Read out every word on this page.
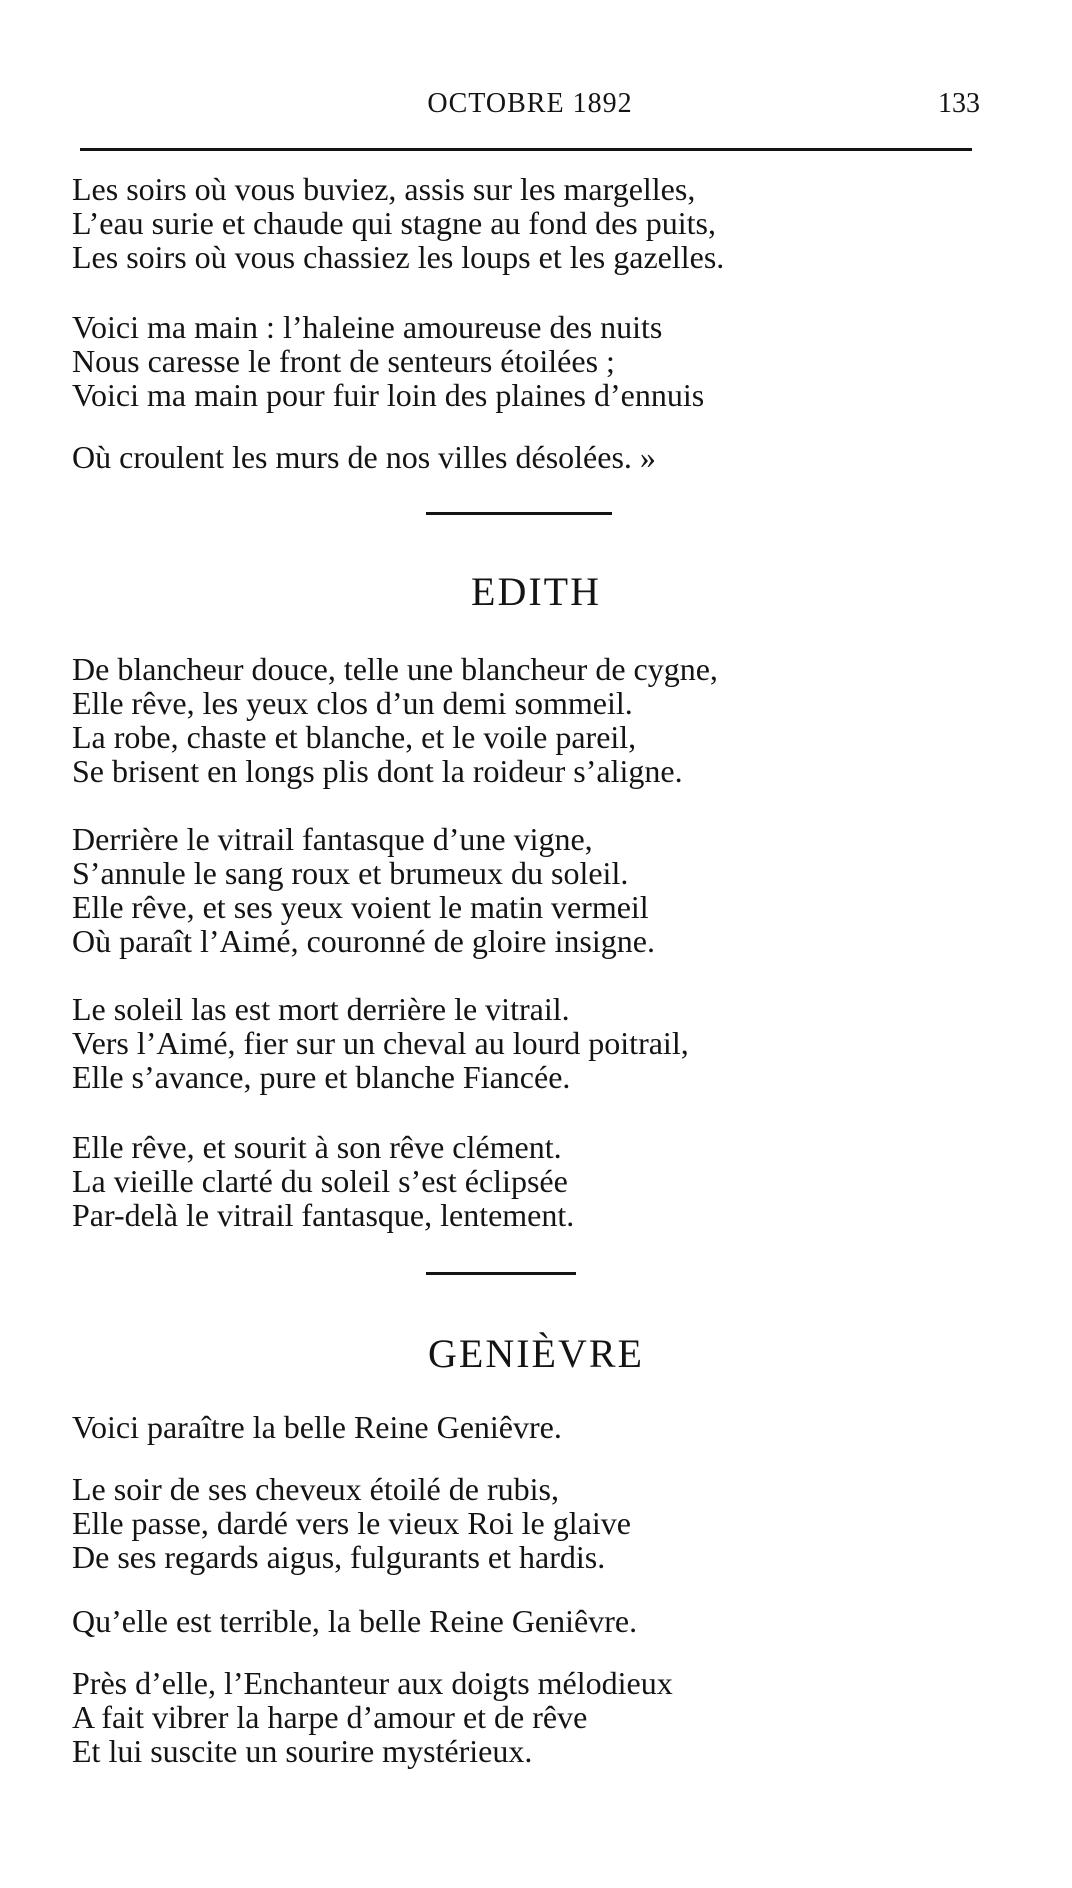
OCTOBRE 1892	133
Les soirs où vous buviez, assis sur les margelles,
L’eau surie et chaude qui stagne au fond des puits,
Les soirs où vous chassiez les loups et les gazelles.
Voici ma main : l’haleine amoureuse des nuits
Nous caresse le front de senteurs étoilées ;
Voici ma main pour fuir loin des plaines d’ennuis
Où croulent les murs de nos villes désolées. »
EDITH
De blancheur douce, telle une blancheur de cygne,
Elle rêve, les yeux clos d’un demi sommeil.
La robe, chaste et blanche, et le voile pareil,
Se brisent en longs plis dont la roideur s’aligne.
Derrière le vitrail fantasque d’une vigne,
S’annule le sang roux et brumeux du soleil.
Elle rêve, et ses yeux voient le matin vermeil
Où paraît l’Aimé, couronné de gloire insigne.
Le soleil las est mort derrière le vitrail.
Vers l’Aimé, fier sur un cheval au lourd poitrail,
Elle s’avance, pure et blanche Fiancée.
Elle rêve, et sourit à son rêve clément.
La vieille clarté du soleil s’est éclipsée
Par-delà le vitrail fantasque, lentement.
GENIÈVRE
Voici paraître la belle Reine Geniêvre.
Le soir de ses cheveux étoilé de rubis,
Elle passe, dardé vers le vieux Roi le glaive
De ses regards aigus, fulgurants et hardis.
Qu’elle est terrible, la belle Reine Geniêvre.
Près d’elle, l’Enchanteur aux doigts mélodieux
A fait vibrer la harpe d’amour et de rêve
Et lui suscite un sourire mystérieux.
